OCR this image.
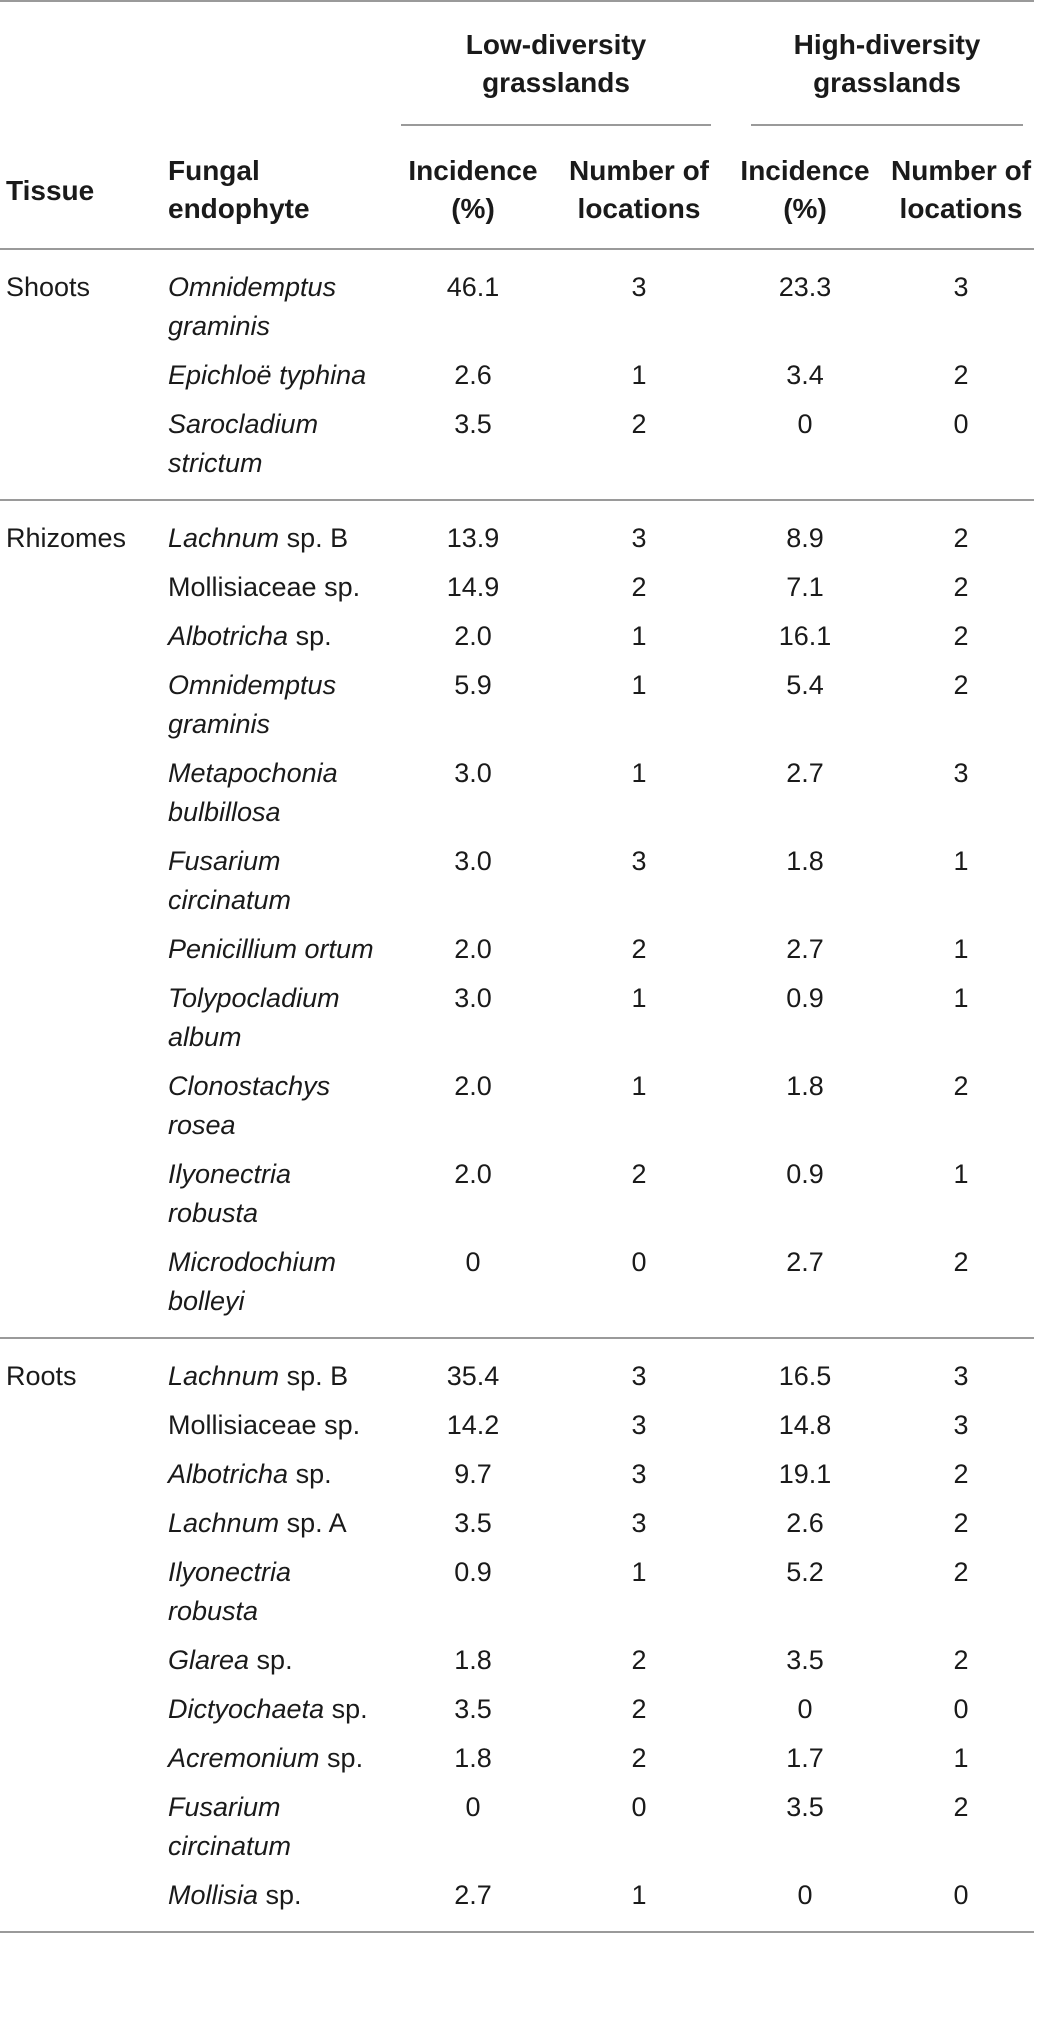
		Low-diversity grasslands		High-diversity grasslands	

Tissue	Fungal endophyte	Incidence (%)	Number of locations	Incidence (%)	Number of locations
Shoots	Omnidemptus graminis	46.1	3	23.3	3
	Epichloë typhina	2.6	1	3.4	2
	Sarocladium strictum	3.5	2	0	0
Rhizomes	Lachnum sp. B	13.9	3	8.9	2
	Mollisiaceae sp.	14.9	2	7.1	2
	Albotricha sp.	2.0	1	16.1	2
	Omnidemptus graminis	5.9	1	5.4	2
	Metapochonia bulbillosa	3.0	1	2.7	3
	Fusarium circinatum	3.0	3	1.8	1
	Penicillium ortum	2.0	2	2.7	1
	Tolypocladium album	3.0	1	0.9	1
	Clonostachys rosea	2.0	1	1.8	2
	Ilyonectria robusta	2.0	2	0.9	1
	Microdochium bolleyi	0	0	2.7	2
Roots	Lachnum sp. B	35.4	3	16.5	3
	Mollisiaceae sp.	14.2	3	14.8	3
	Albotricha sp.	9.7	3	19.1	2
	Lachnum sp. A	3.5	3	2.6	2
	Ilyonectria robusta	0.9	1	5.2	2
	Glarea sp.	1.8	2	3.5	2
	Dictyochaeta sp.	3.5	2	0	0
	Acremonium sp.	1.8	2	1.7	1
	Fusarium circinatum	0	0	3.5	2
	Mollisia sp.	2.7	1	0	0
